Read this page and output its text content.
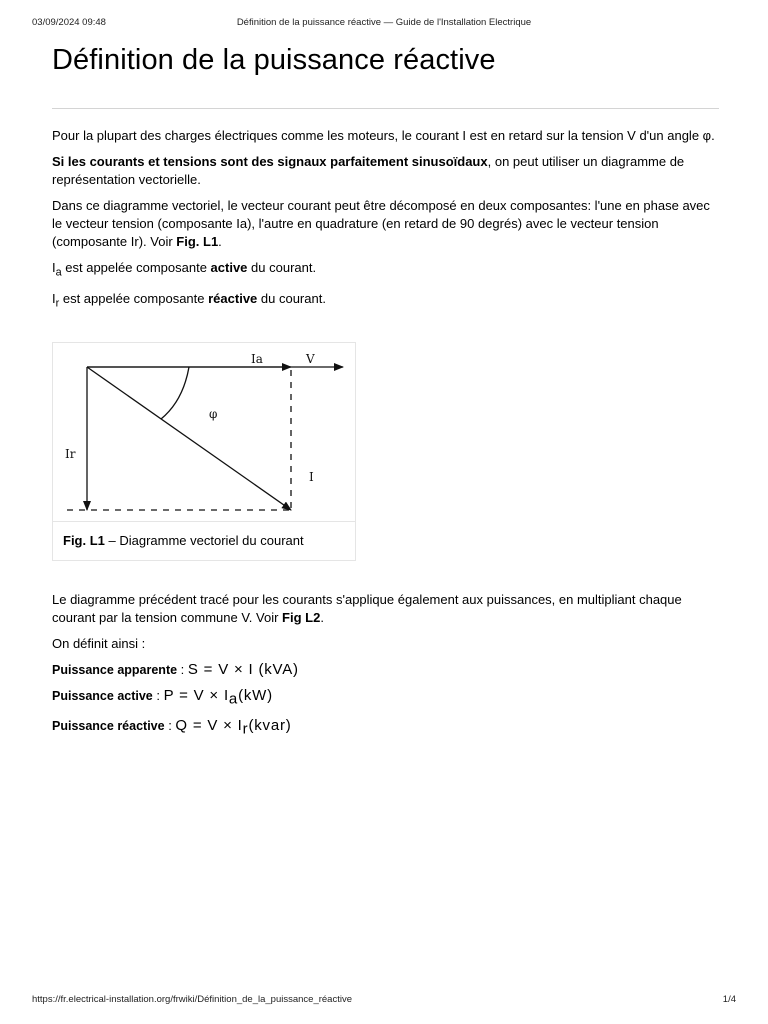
03/09/2024 09:48	Définition de la puissance réactive — Guide de l'Installation Electrique
Définition de la puissance réactive

Pour la plupart des charges électriques comme les moteurs, le courant I est en retard sur la tension V d'un angle φ.

Si les courants et tensions sont des signaux parfaitement sinusoïdaux, on peut utiliser un diagramme de représentation vectorielle.

Dans ce diagramme vectoriel, le vecteur courant peut être décomposé en deux composantes: l'une en phase avec le vecteur tension (composante Ia), l'autre en quadrature (en retard de 90 degrés) avec le vecteur tension (composante Ir). Voir Fig. L1.

$I_a$ est appelée composante active du courant.

$I_r$ est appelée composante réactive du courant.

Ia	V
φ
Ir
I
Fig. L1 – Diagramme vectoriel du courant

Le diagramme précédent tracé pour les courants s'applique également aux puissances, en multipliant chaque courant par la tension commune V. Voir Fig L2.

On définit ainsi :

Puissance apparente : S = V × I (kVA)

Puissance active : $P = V \times I_a(kW)$

Puissance réactive : $Q = V \times I_r(kvar)$

https://fr.electrical-installation.org/frwiki/Définition_de_la_puissance_réactive	1/4
